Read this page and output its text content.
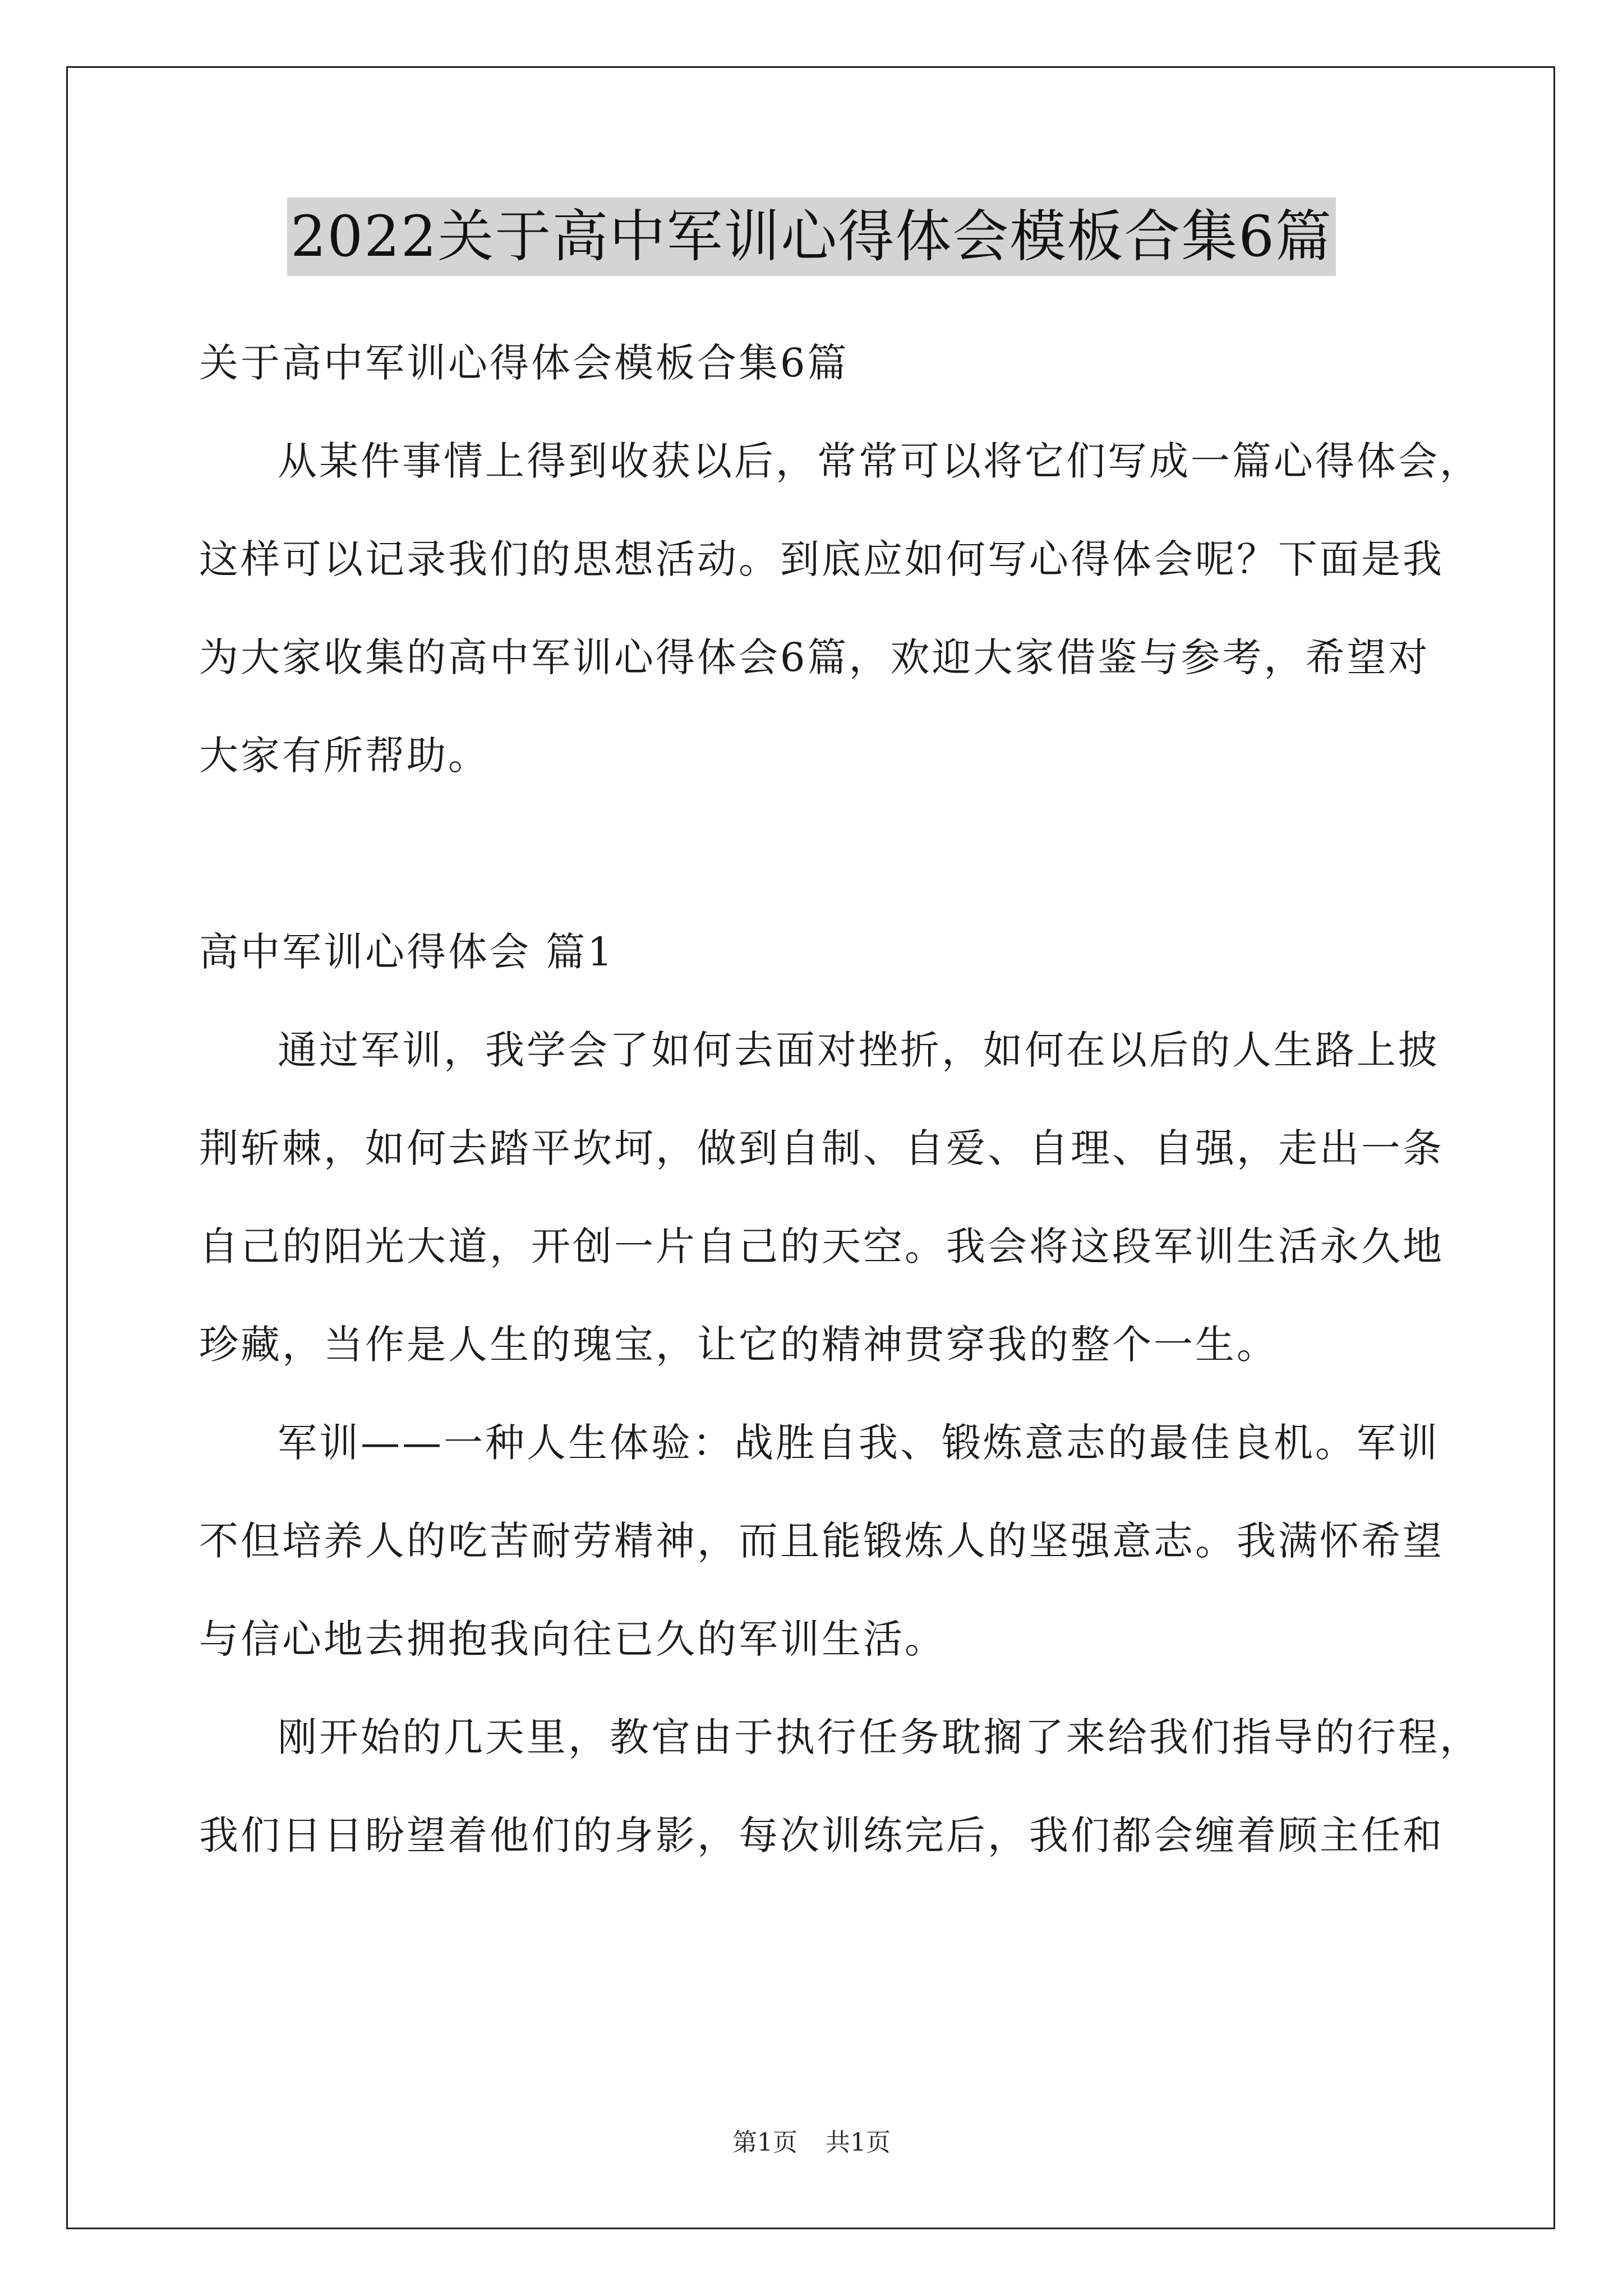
2022关于高中军训心得体会模板合集6篇
关于高中军训心得体会模板合集6篇
从某件事情上得到收获以后，常常可以将它们写成一篇心得体会，
这样可以记录我们的思想活动。到底应如何写心得体会呢？下面是我
为大家收集的高中军训心得体会6篇，欢迎大家借鉴与参考，希望对
大家有所帮助。
高中军训心得体会 篇1
通过军训，我学会了如何去面对挫折，如何在以后的人生路上披
荆斩棘，如何去踏平坎坷，做到自制、自爱、自理、自强，走出一条
自己的阳光大道，开创一片自己的天空。我会将这段军训生活永久地
珍藏，当作是人生的瑰宝，让它的精神贯穿我的整个一生。
军训——一种人生体验：战胜自我、锻炼意志的最佳良机。军训
不但培养人的吃苦耐劳精神，而且能锻炼人的坚强意志。我满怀希望
与信心地去拥抱我向往已久的军训生活。
刚开始的几天里，教官由于执行任务耽搁了来给我们指导的行程，
我们日日盼望着他们的身影，每次训练完后，我们都会缠着顾主任和
第1页 共1页
